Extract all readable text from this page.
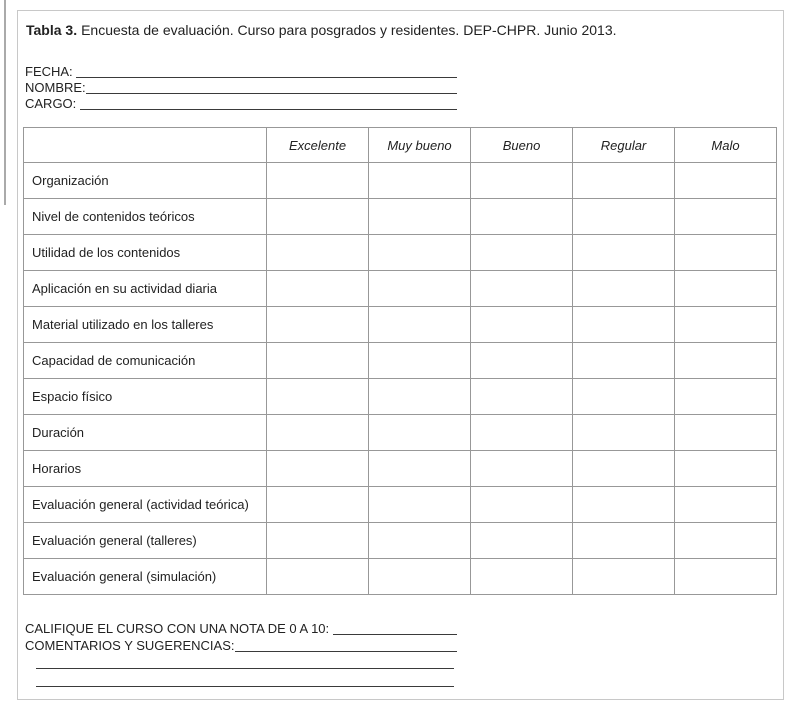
Tabla 3. Encuesta de evaluación. Curso para posgrados y residentes. DEP-CHPR. Junio 2013.
FECHA:
NOMBRE:
CARGO:
	Excelente	Muy bueno	Bueno	Regular	Malo
Organización					
Nivel de contenidos teóricos					
Utilidad de los contenidos					
Aplicación en su actividad diaria					
Material utilizado en los talleres					
Capacidad de comunicación					
Espacio físico					
Duración					
Horarios					
Evaluación general (actividad teórica)					
Evaluación general (talleres)					
Evaluación general (simulación)					
CALIFIQUE EL CURSO CON UNA NOTA DE 0 A 10:
COMENTARIOS Y SUGERENCIAS:
